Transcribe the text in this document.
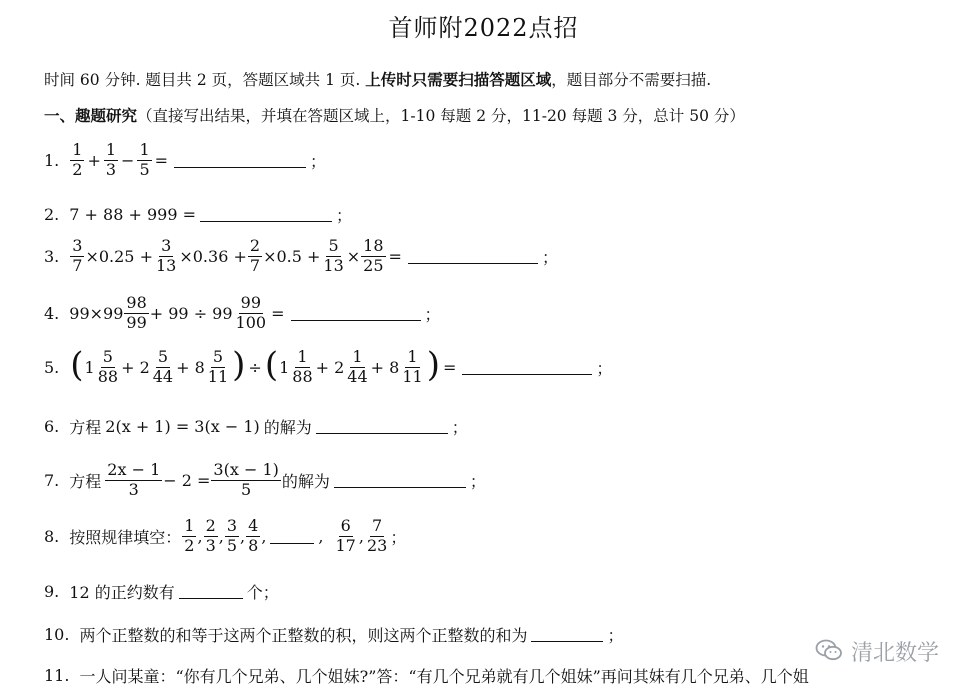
首师附2022点招
时间 60 分钟. 题目共 2 页，答题区域共 1 页. 上传时只需要扫描答题区域，题目部分不需要扫描.
一、趣题研究（直接写出结果，并填在答题区域上，1-10 每题 2 分，11-20 每题 3 分，总计 50 分）
1. $\frac{1}{2} + \frac{1}{3} - \frac{1}{5}$ =	；
2. 7 + 88 + 999 =	；
3. $\frac{3}{7} \times 0.25 + \frac{3}{13} \times 0.36 + \frac{2}{7} \times 0.5 + \frac{5}{13} \times \frac{18}{25}$ =	；
4. $99\times 99 \frac{98}{99} + 99 \div 99 \frac{99}{100}$ =	；
5. ( $1 \frac{5}{88} + 2 \frac{5}{44} + 8 \frac{5}{11}$ ) ÷ ( $1 \frac{1}{88} + 2 \frac{1}{44} + 8 \frac{1}{11}$ ) =	；
6. 方程 2(x + 1) = 3(x − 1) 的解为	；
7. 方程 $\frac{2x - 1}{3} - 2 = \frac{3(x - 1)}{5}$ 的解为	；
8. 按照规律填空： $\frac{1}{2}$ , $\frac{2}{3}$ , $\frac{3}{5}$ , $\frac{4}{8}$ ,	, $\frac{6}{17}$ , $\frac{7}{23}$ ；
9. 12 的正约数有	个；
10. 两个正整数的和等于这两个正整数的积，则这两个正整数的和为	；
11. 一人问某童：“你有几个兄弟、几个姐妹?”答：“有几个兄弟就有几个姐妹”再问其妹有几个兄弟、几个姐
清北数学
